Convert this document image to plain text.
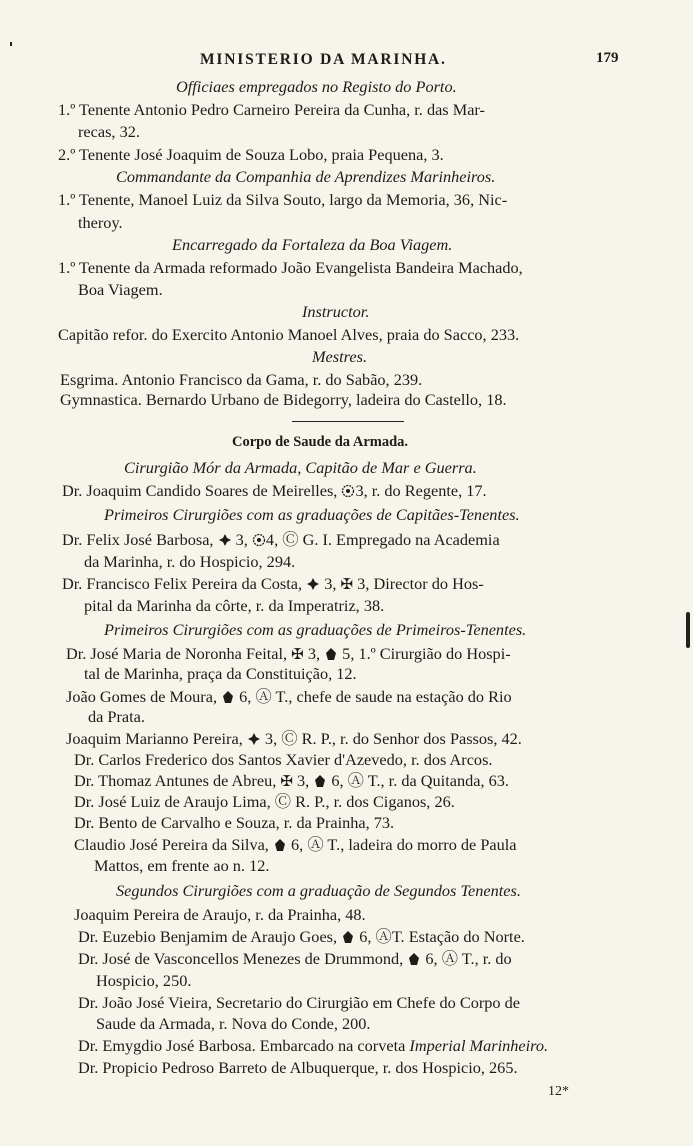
MINISTERIO DA MARINHA.	179
Officiaes empregados no Registo do Porto.
1.º Tenente Antonio Pedro Carneiro Pereira da Cunha, r. das Mar-
recas, 32.
2.º Tenente José Joaquim de Souza Lobo, praia Pequena, 3.
Commandante da Companhia de Aprendizes Marinheiros.
1.º Tenente, Manoel Luiz da Silva Souto, largo da Memoria, 36, Nic-
theroy.
Encarregado da Fortaleza da Boa Viagem.
1.º Tenente da Armada reformado João Evangelista Bandeira Machado,
Boa Viagem.
Instructor.
Capitão refor. do Exercito Antonio Manoel Alves, praia do Sacco, 233.
Mestres.
Esgrima. Antonio Francisco da Gama, r. do Sabão, 239.
Gymnastica. Bernardo Urbano de Bidegorry, ladeira do Castello, 18.
Corpo de Saude da Armada.
Cirurgião Mór da Armada, Capitão de Mar e Guerra.
Dr. Joaquim Candido Soares de Meirelles, 3, r. do Regente, 17.
Primeiros Cirurgiões com as graduações de Capitães-Tenentes.
Dr. Felix José Barbosa,  3, 4, Ⓒ G. I. Empregado na Academia
da Marinha, r. do Hospicio, 294.
Dr. Francisco Felix Pereira da Costa,  3, ✠ 3, Director do Hos-
pital da Marinha da côrte, r. da Imperatriz, 38.
Primeiros Cirurgiões com as graduações de Primeiros-Tenentes.
Dr. José Maria de Noronha Feital, ✠ 3,  5, 1.º Cirurgião do Hospi-
tal de Marinha, praça da Constituição, 12.
João Gomes de Moura,  6, Ⓐ T., chefe de saude na estação do Rio
da Prata.
Joaquim Marianno Pereira,  3, Ⓒ R. P., r. do Senhor dos Passos, 42.
Dr. Carlos Frederico dos Santos Xavier d'Azevedo, r. dos Arcos.
Dr. Thomaz Antunes de Abreu, ✠ 3,  6, Ⓐ T., r. da Quitanda, 63.
Dr. José Luiz de Araujo Lima, Ⓒ R. P., r. dos Ciganos, 26.
Dr. Bento de Carvalho e Souza, r. da Prainha, 73.
Claudio José Pereira da Silva,  6, Ⓐ T., ladeira do morro de Paula
Mattos, em frente ao n. 12.
Segundos Cirurgiões com a graduação de Segundos Tenentes.
Joaquim Pereira de Araujo, r. da Prainha, 48.
Dr. Euzebio Benjamim de Araujo Goes,  6, ⒶT. Estação do Norte.
Dr. José de Vasconcellos Menezes de Drummond,  6, Ⓐ T., r. do
Hospicio, 250.
Dr. João José Vieira, Secretario do Cirurgião em Chefe do Corpo de
Saude da Armada, r. Nova do Conde, 200.
Dr. Emygdio José Barbosa. Embarcado na corveta Imperial Marinheiro.
Dr. Propicio Pedroso Barreto de Albuquerque, r. dos Hospicio, 265.
12*
